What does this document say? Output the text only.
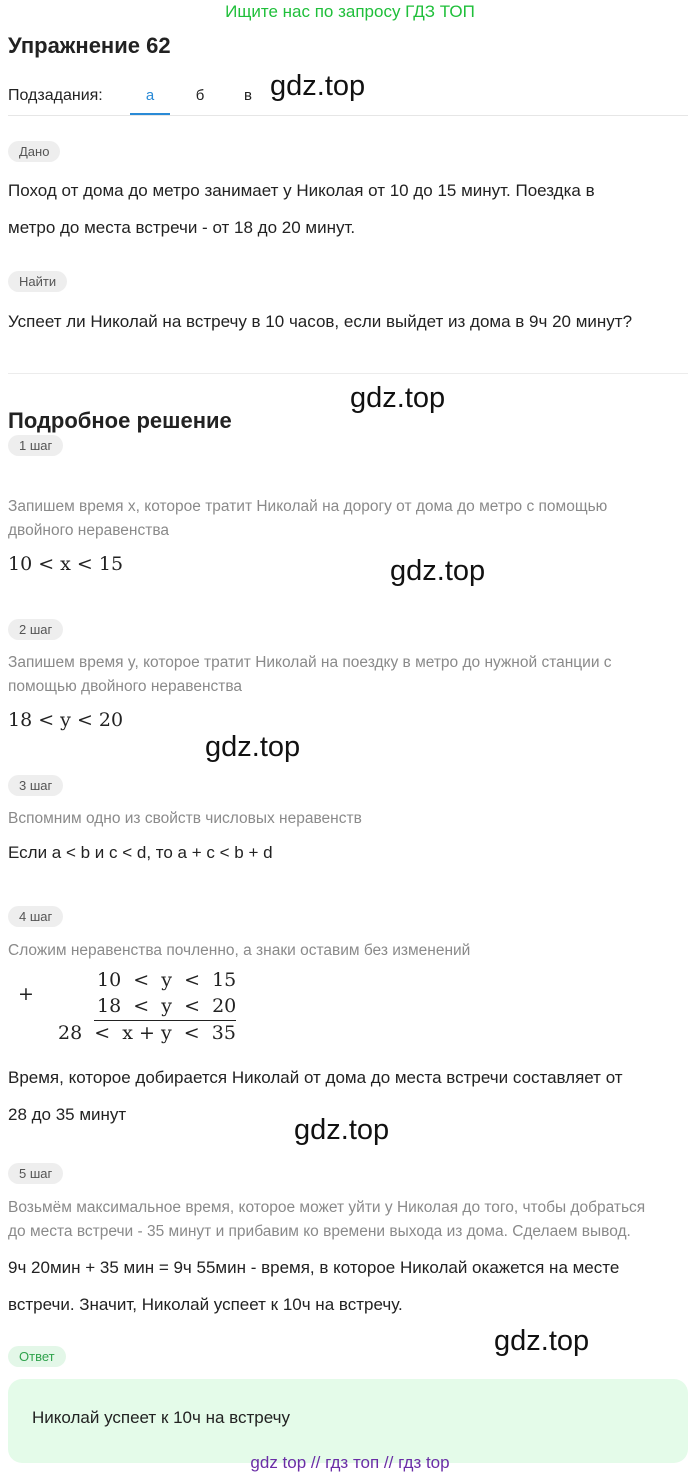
Ищите нас по запросу ГДЗ ТОП
Упражнение 62
Подзадания:	а	б	в gdz.top
gdz.top
gdz.top
gdz.top
gdz.top
gdz.top
Дано
Поход от дома до метро занимает у Николая от 10 до 15 минут. Поездка в
метро до места встречи - от 18 до 20 минут.
Найти
Успеет ли Николай на встречу в 10 часов, если выйдет из дома в 9ч 20 минут?
Подробное решение
1 шаг
Запишем время x, которое тратит Николай на дорогу от дома до метро с помощью
двойного неравенства
10 < x < 15
2 шаг
Запишем время y, которое тратит Николай на поездку в метро до нужной станции с
помощью двойного неравенства
18 < y < 20
3 шаг
Вспомним одно из свойств числовых неравенств
Если a < b и c < d, то a + c < b + d
4 шаг
Сложим неравенства почленно, а знаки оставим без изменений
+
10  <  y  <  15
18  <  y  <  20
28  <  x + y  <  35
Время, которое добирается Николай от дома до места встречи составляет от
28 до 35 минут
5 шаг
Возьмём максимальное время, которое может уйти у Николая до того, чтобы добраться
до места встречи - 35 минут и прибавим ко времени выхода из дома. Сделаем вывод.
9ч 20мин + 35 мин = 9ч 55мин - время, в которое Николай окажется на месте
встречи. Значит, Николай успеет к 10ч на встречу.
Ответ
Николай успеет к 10ч на встречу
gdz top // гдз топ // гдз top
